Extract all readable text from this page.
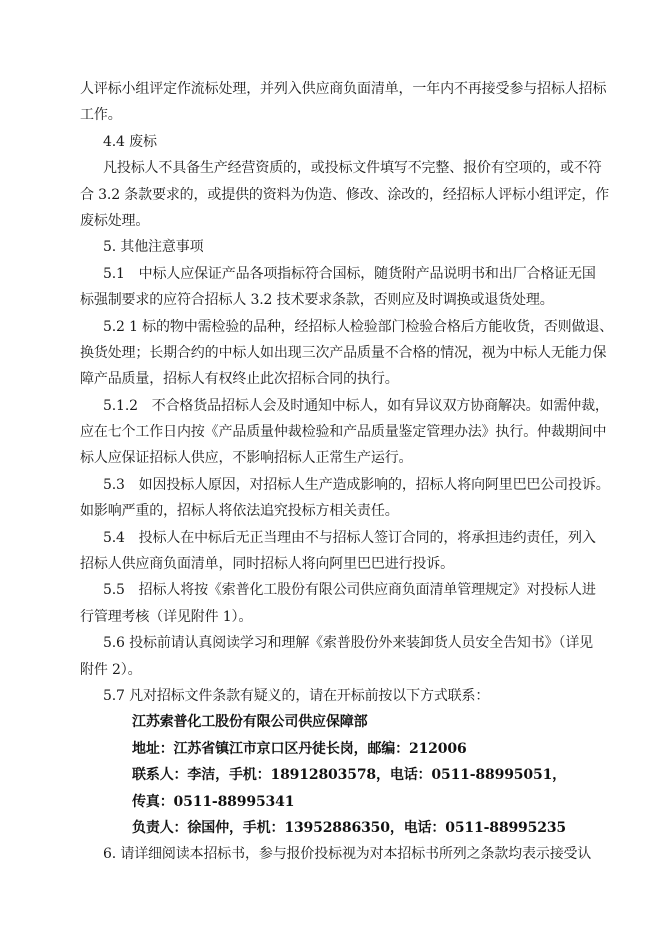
人评标小组评定作流标处理，并列入供应商负面清单，一年内不再接受参与招标人招标
工作。
4.4 废标
凡投标人不具备生产经营资质的，或投标文件填写不完整、报价有空项的，或不符
合 3.2 条款要求的，或提供的资料为伪造、修改、涂改的，经招标人评标小组评定，作
废标处理。
5. 其他注意事项
5.1　中标人应保证产品各项指标符合国标，随货附产品说明书和出厂合格证无国
标强制要求的应符合招标人 3.2 技术要求条款，否则应及时调换或退货处理。
5.2 1 标的物中需检验的品种，经招标人检验部门检验合格后方能收货，否则做退、
换货处理；长期合约的中标人如出现三次产品质量不合格的情况，视为中标人无能力保
障产品质量，招标人有权终止此次招标合同的执行。
5.1.2　不合格货品招标人会及时通知中标人，如有异议双方协商解决。如需仲裁，
应在七个工作日内按《产品质量仲裁检验和产品质量鉴定管理办法》执行。仲裁期间中
标人应保证招标人供应，不影响招标人正常生产运行。
5.3　如因投标人原因，对招标人生产造成影响的，招标人将向阿里巴巴公司投诉。
如影响严重的，招标人将依法追究投标方相关责任。
5.4　投标人在中标后无正当理由不与招标人签订合同的，将承担违约责任，列入
招标人供应商负面清单，同时招标人将向阿里巴巴进行投诉。
5.5　招标人将按《索普化工股份有限公司供应商负面清单管理规定》对投标人进
行管理考核（详见附件 1）。
5.6 投标前请认真阅读学习和理解《索普股份外来装卸货人员安全告知书》（详见
附件 2）。
5.7 凡对招标文件条款有疑义的，请在开标前按以下方式联系：
江苏索普化工股份有限公司供应保障部
地址：江苏省镇江市京口区丹徒长岗，邮编：212006
联系人：李洁，手机：18912803578，电话：0511-88995051，
传真：0511-88995341
负责人：徐国仲，手机：13952886350，电话：0511-88995235
6. 请详细阅读本招标书，参与报价投标视为对本招标书所列之条款均表示接受认
